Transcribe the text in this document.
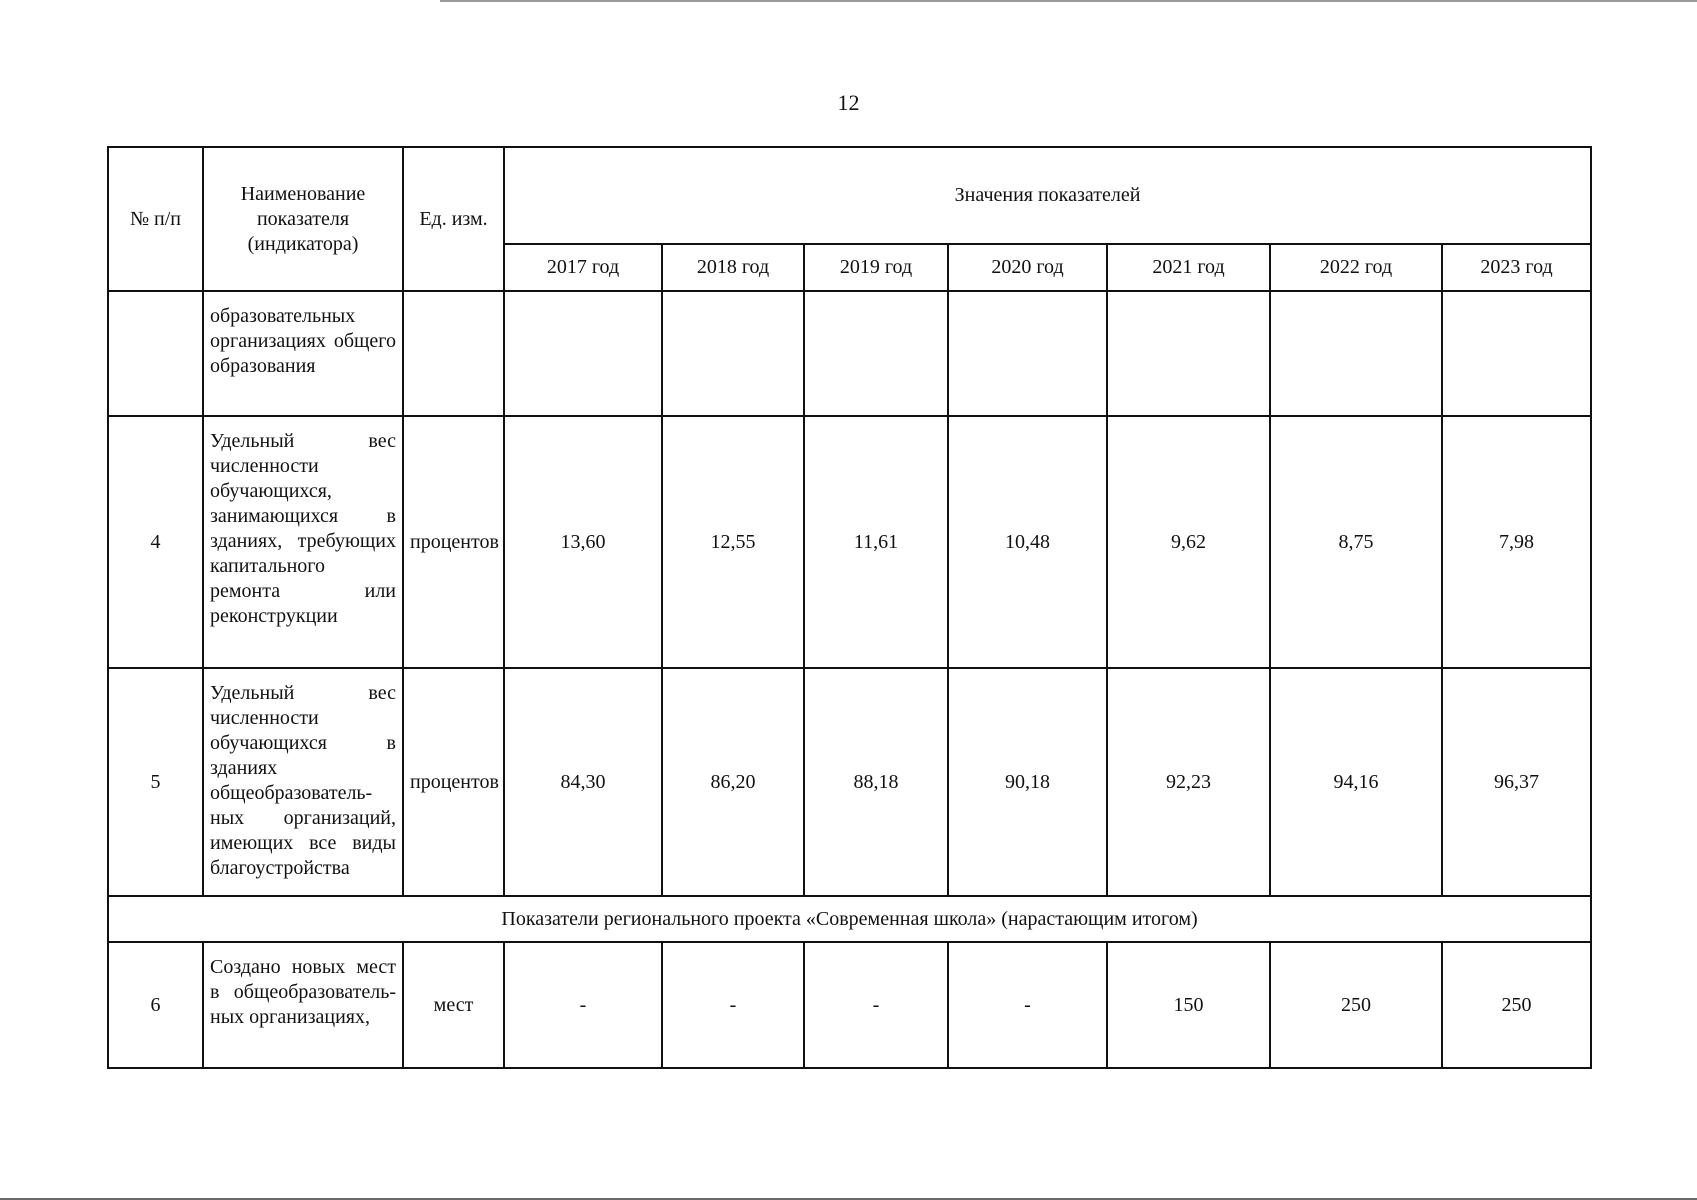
12
№ п/п	Наименование показателя (индикатора)	Ед. изм.	Значения показателей						
			2017 год	2018 год	2019 год	2020 год	2021 год	2022 год	2023 год
	образовательных организациях общего образования								
4	Удельный вес численности обучающихся, занимающихся в зданиях, требующих капитального ремонта или реконструкции	процентов	13,60	12,55	11,61	10,48	9,62	8,75	7,98
5	Удельный вес численности обучающихся в зданиях общеобразователь-ных организаций, имеющих все виды благоустройства	процентов	84,30	86,20	88,18	90,18	92,23	94,16	96,37
Показатели регионального проекта «Современная школа» (нарастающим итогом)									
6	Создано новых мест в общеобразователь-ных организациях,	мест	-	-	-	-	150	250	250
